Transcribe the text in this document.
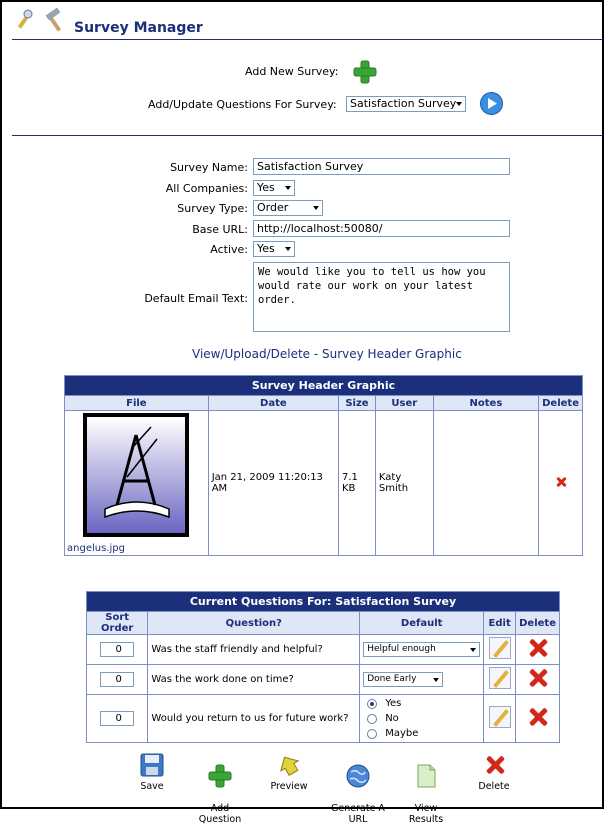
Survey Manager
Add New Survey:
Add/Update Questions For Survey:	Satisfaction Survey
Survey Name: Satisfaction Survey
All Companies: Yes
Survey Type: Order
Base URL: http://localhost:50080/
Active: Yes
Default Email Text:
We would like you to tell us how you
would rate our work on your latest
order.
View/Upload/Delete - Survey Header Graphic
Survey Header Graphic					
File	Date	Size	User	Notes	Delete

angelus.jpg	Jan 21, 2009 11:20:13 AM	7.1 KB	Katy Smith		
Current Questions For: Satisfaction Survey				
Sort Order	Question?	Default	Edit	Delete
0	Was the staff friendly and helpful?	Helpful enough

0	Was the work done on time?	Done Early

0	Would you return to us for future work?	Yes
No
Maybe		

Save

Add
Question

Preview

Generate A
URL

View
Results

Delete
